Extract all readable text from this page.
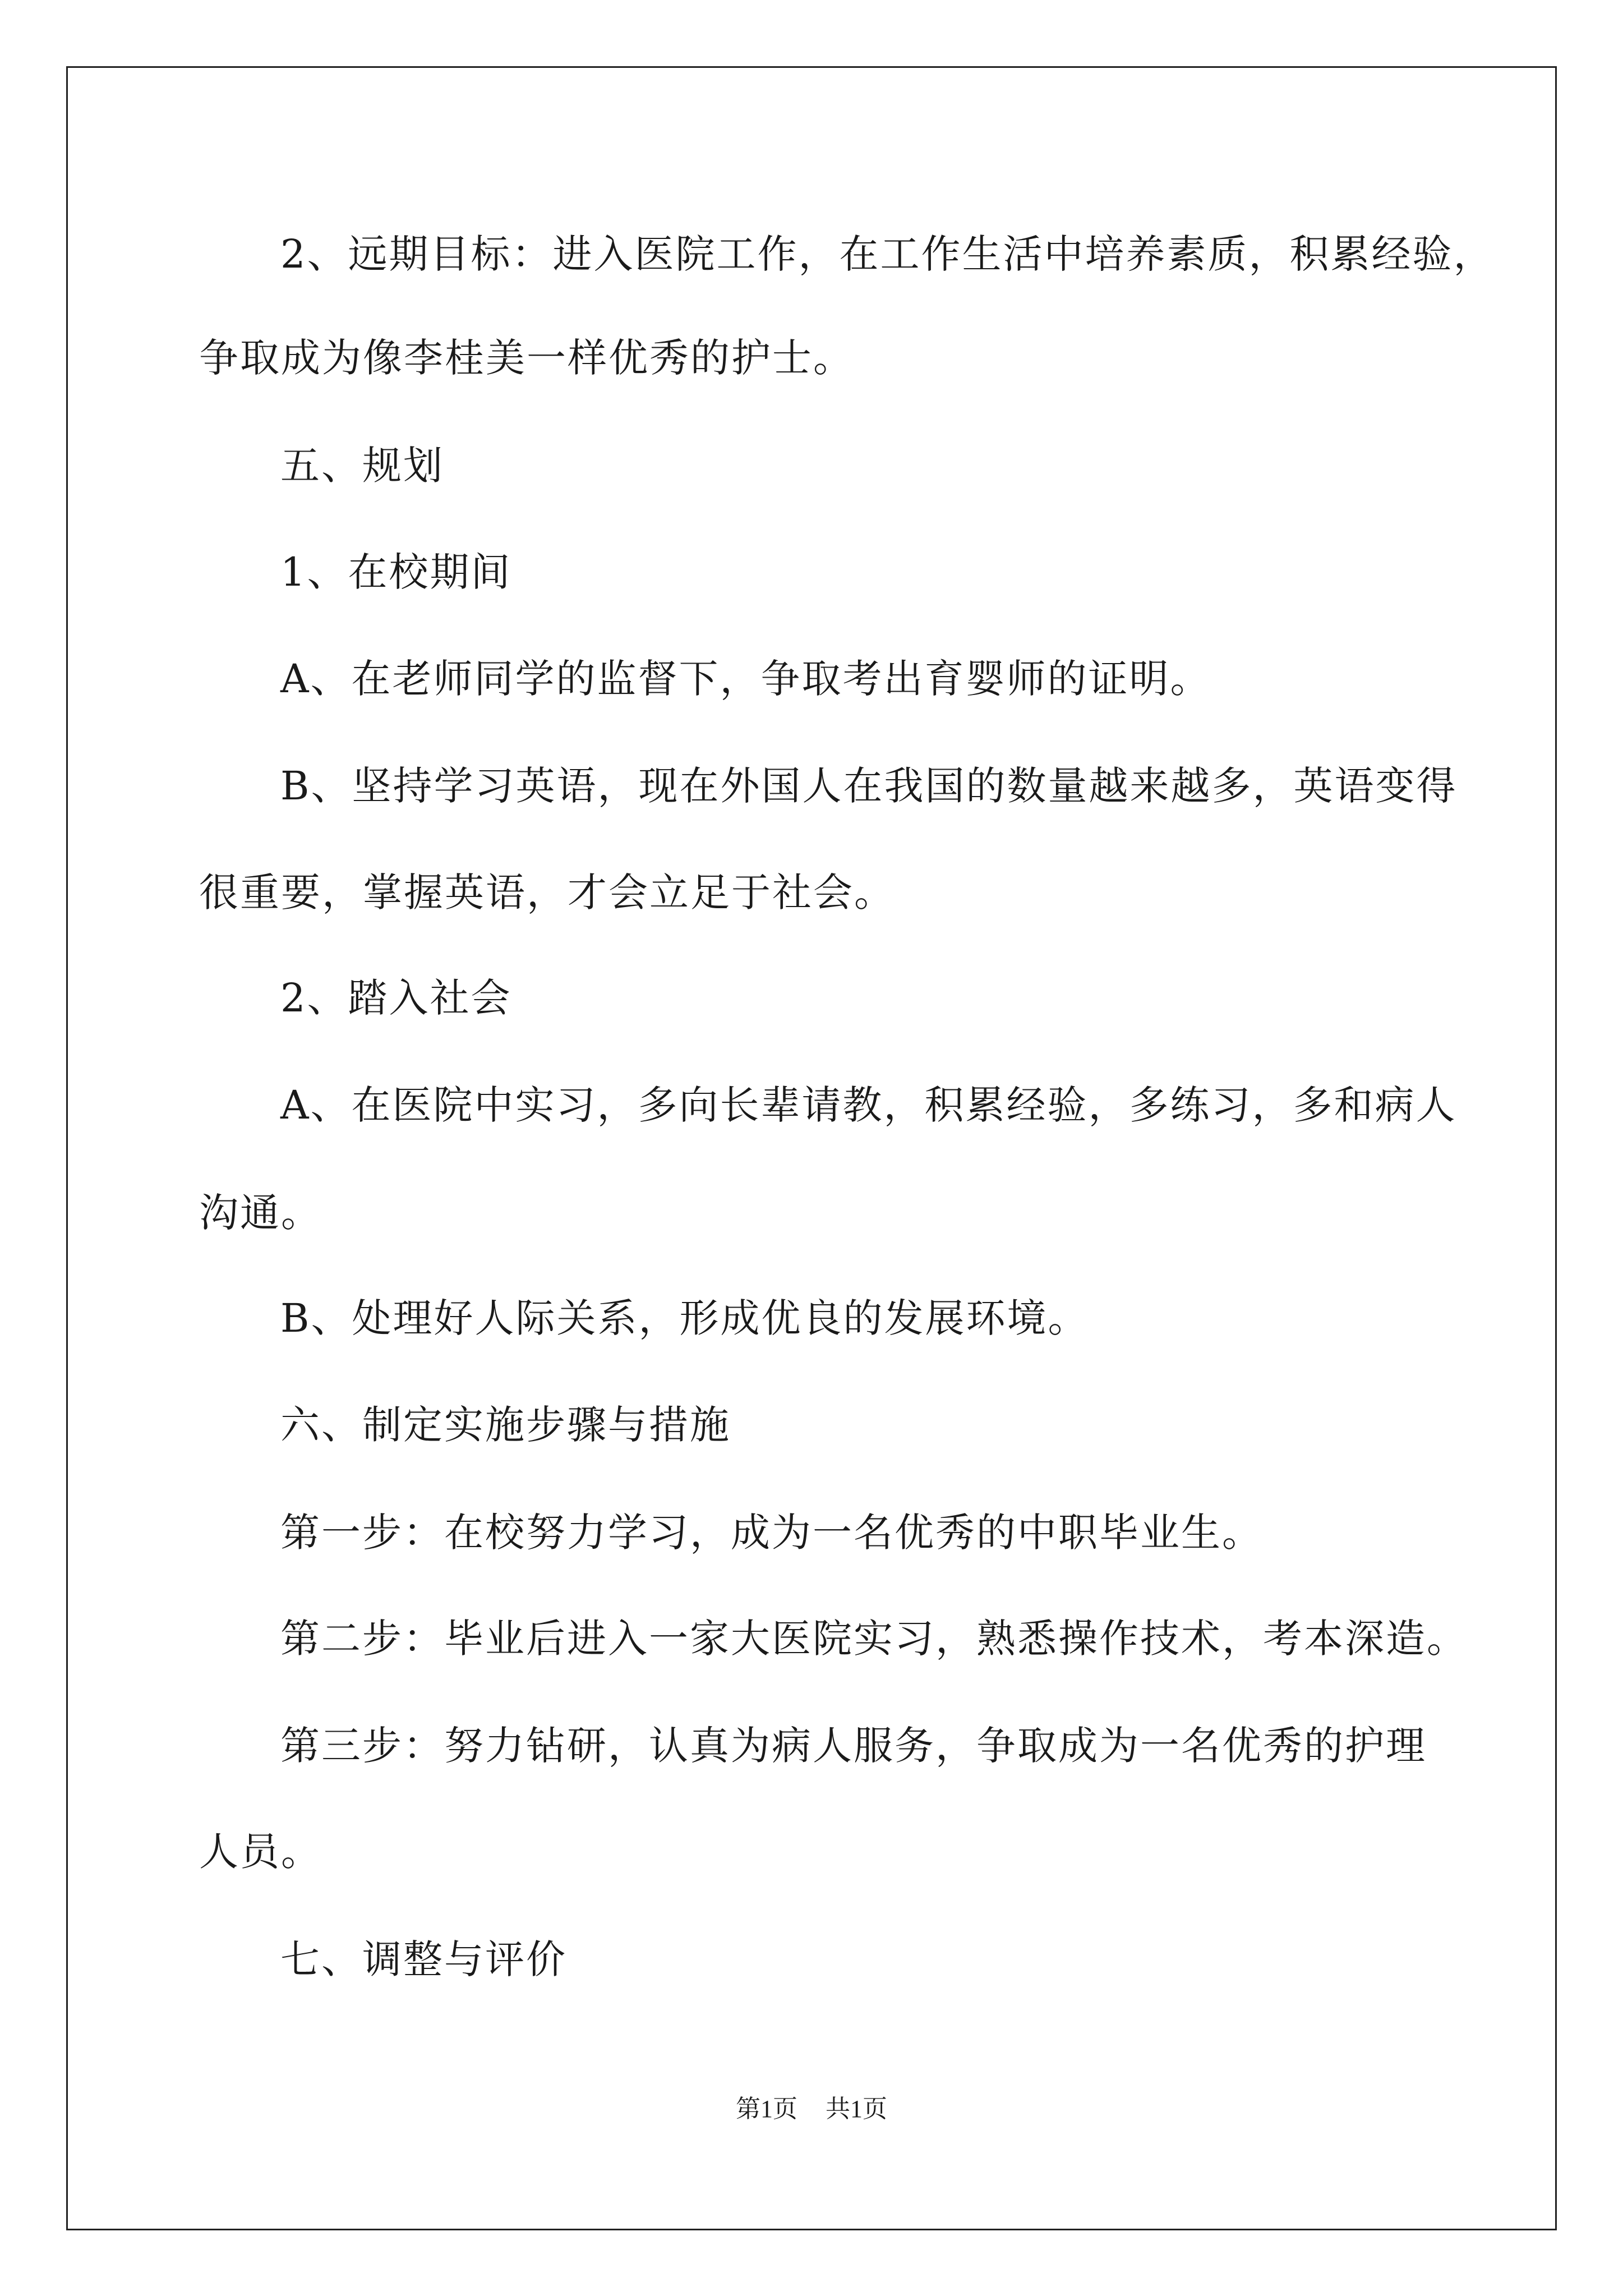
2、远期目标：进入医院工作，在工作生活中培养素质，积累经验，
争取成为像李桂美一样优秀的护士。
五、规划
1、在校期间
A、在老师同学的监督下，争取考出育婴师的证明。
B、坚持学习英语，现在外国人在我国的数量越来越多，英语变得
很重要，掌握英语，才会立足于社会。
2、踏入社会
A、在医院中实习，多向长辈请教，积累经验，多练习，多和病人
沟通。
B、处理好人际关系，形成优良的发展环境。
六、制定实施步骤与措施
第一步：在校努力学习，成为一名优秀的中职毕业生。
第二步：毕业后进入一家大医院实习，熟悉操作技术，考本深造。
第三步：努力钻研，认真为病人服务，争取成为一名优秀的护理
人员。
七、调整与评价
第1页 共1页
